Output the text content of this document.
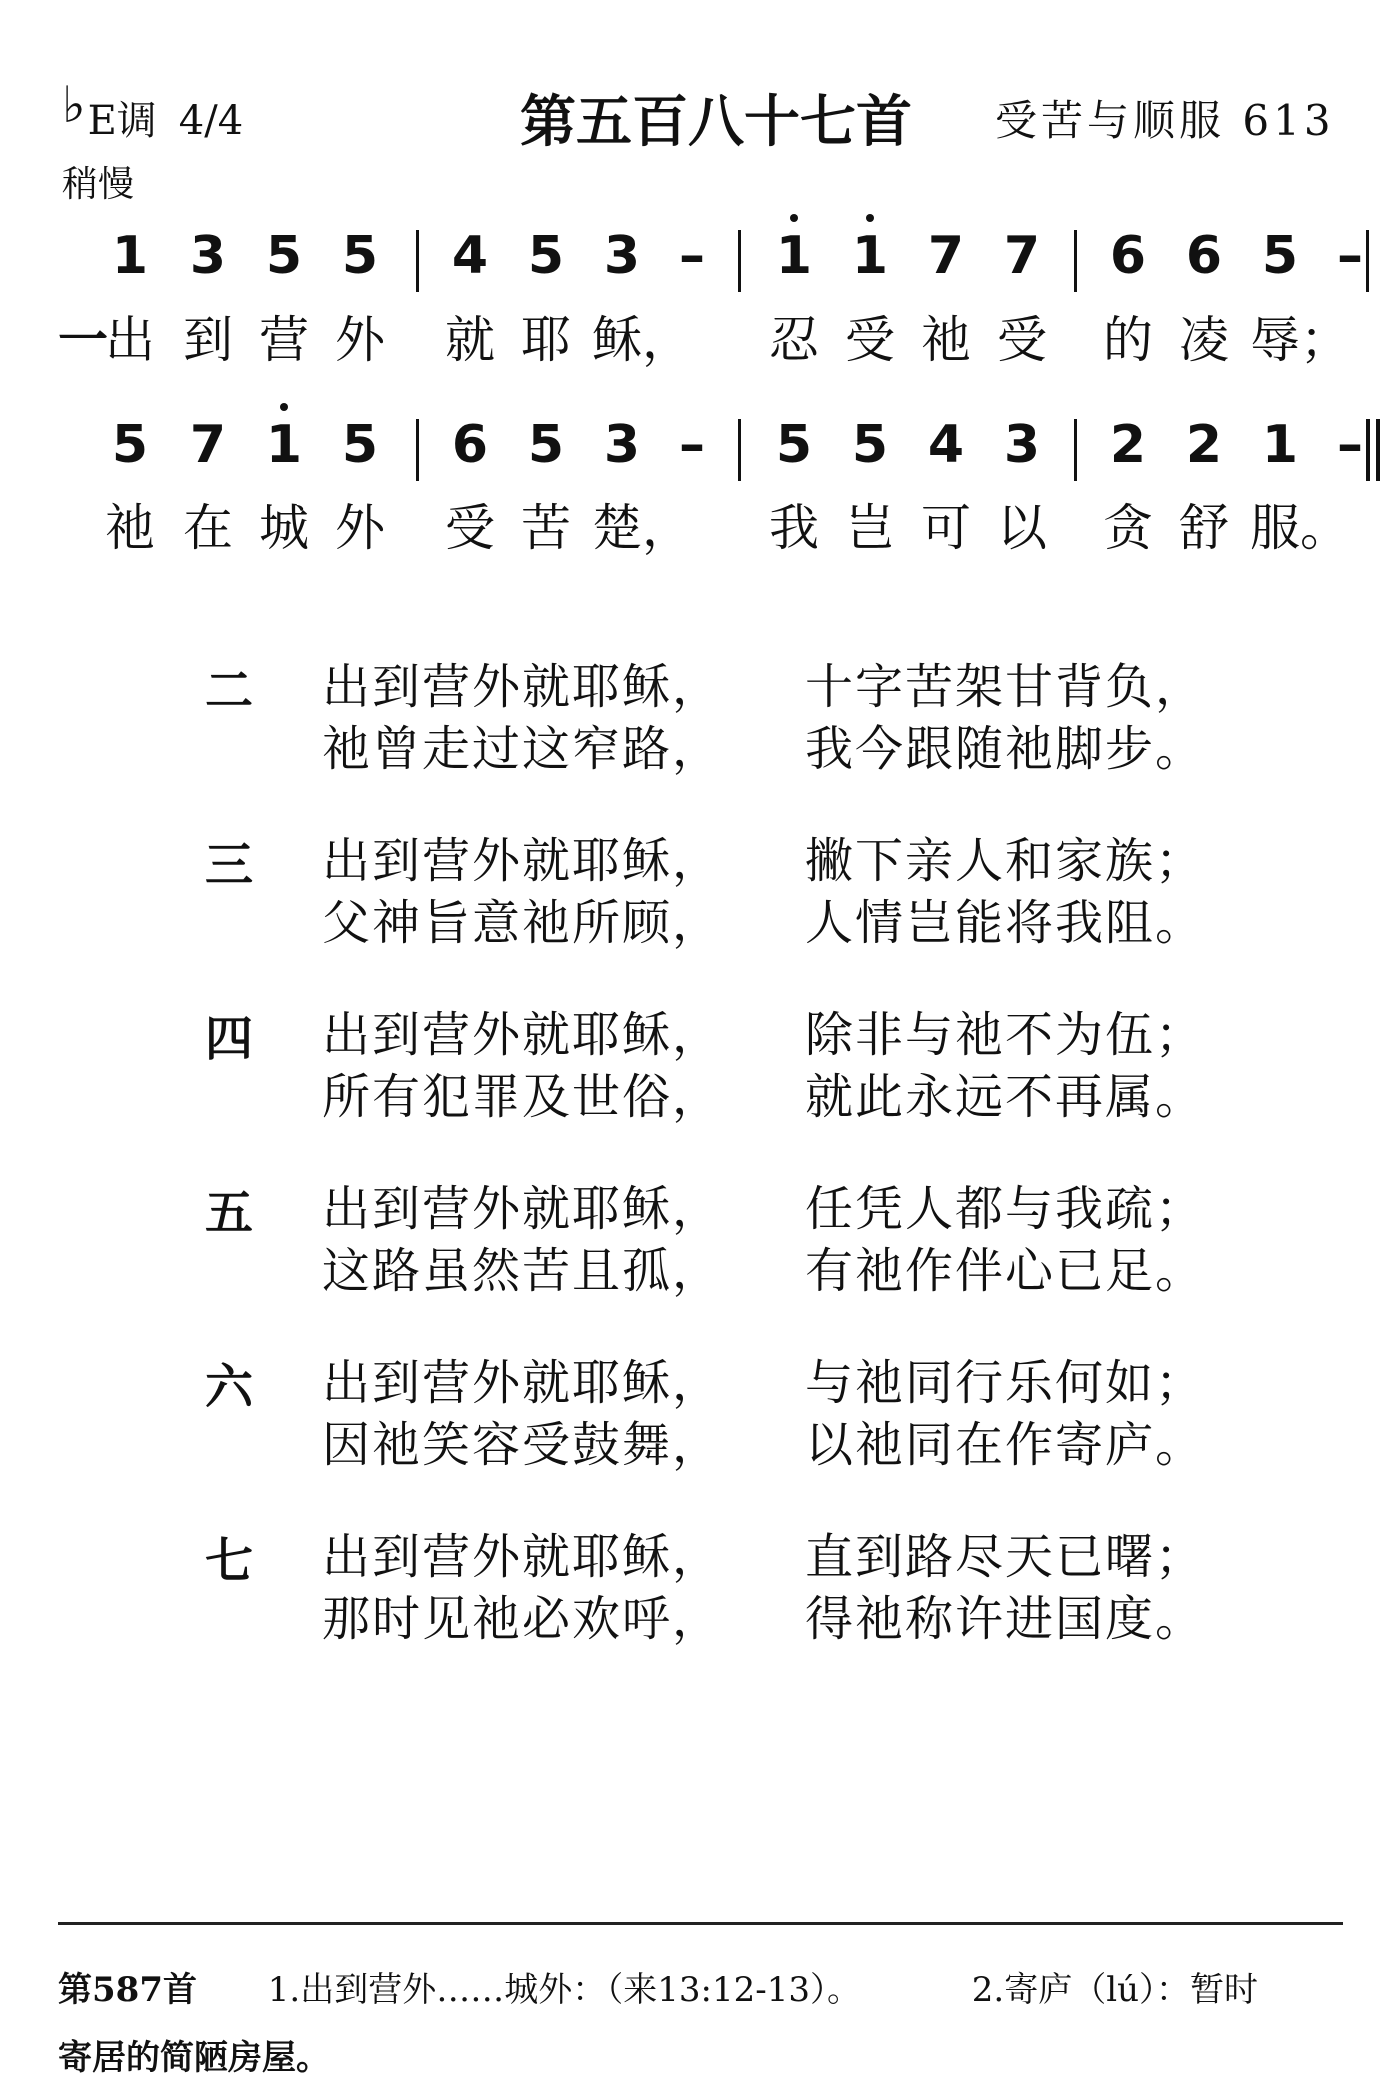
♭E调 4/4
稍慢
第五百八十七首 受苦与顺服 613
1 3 5 5 4 5 3 –	1 1 7 7 6 6 5 –
一
出 到 营 外 就 耶 稣， 忍 受 祂 受 的 凌 辱；
5 7 1 5 6 5 3 –	5 5 4 3 2 2 1 –
祂 在 城 外 受 苦 楚， 我 岂 可 以 贪 舒 服。
二 出到营外就耶稣， 十字苦架甘背负，
祂曾走过这窄路， 我今跟随祂脚步。
三 出到营外就耶稣， 撇下亲人和家族；
父神旨意祂所顾， 人情岂能将我阻。
四 出到营外就耶稣， 除非与祂不为伍；
所有犯罪及世俗， 就此永远不再属。
五 出到营外就耶稣， 任凭人都与我疏；
这路虽然苦且孤， 有祂作伴心已足。
六 出到营外就耶稣， 与祂同行乐何如；
因祂笑容受鼓舞， 以祂同在作寄庐。
七 出到营外就耶稣， 直到路尽天已曙；
那时见祂必欢呼， 得祂称许进国度。
第587首 1.出到营外……城外：（来13:12-13）。	2.寄庐（lú）：暂时
寄居的简陋房屋。
